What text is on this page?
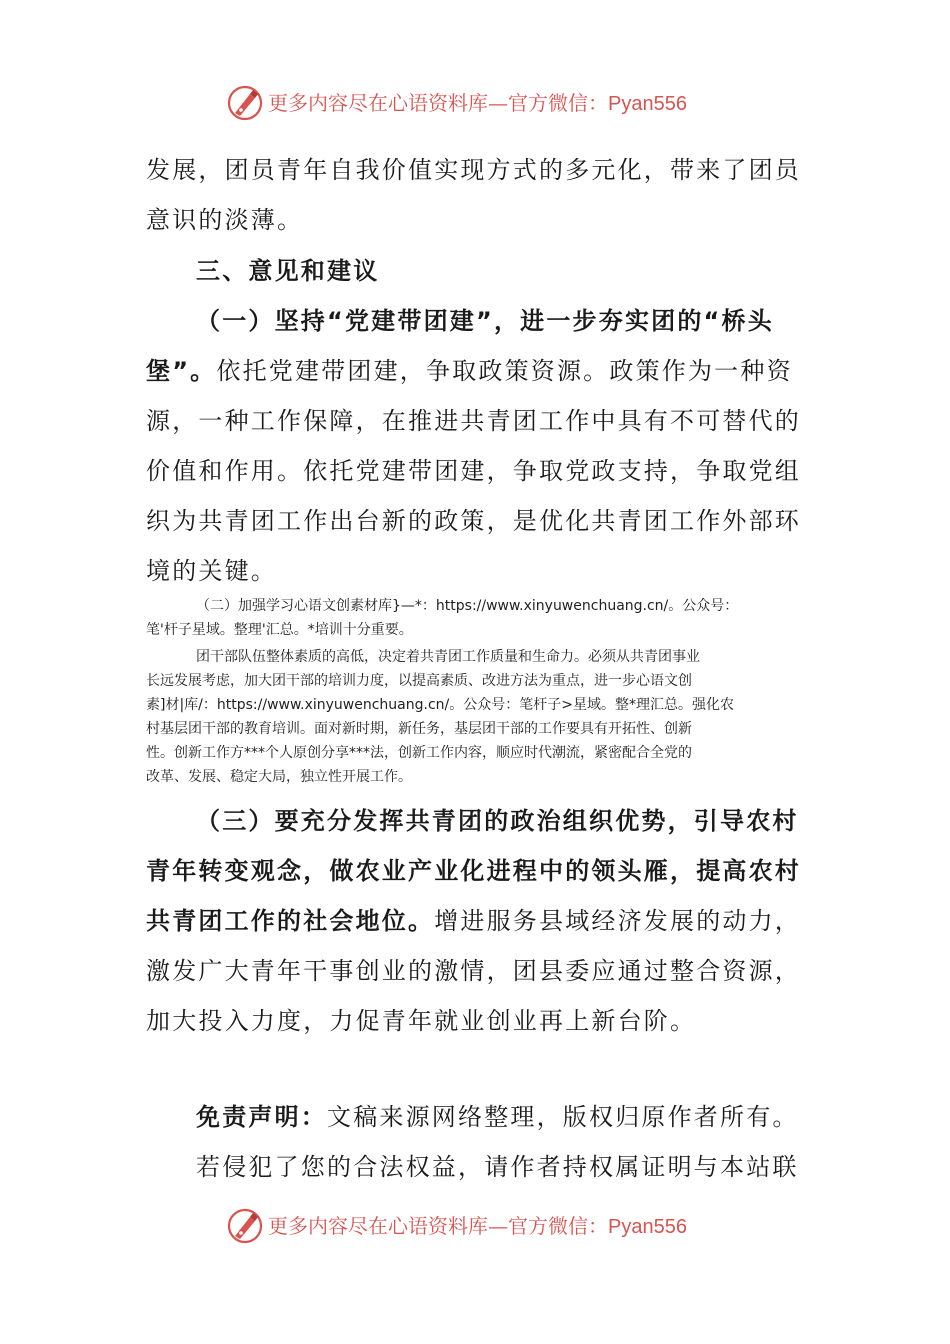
更多内容尽在心语资料库—官方微信：Pyan556
发展，团员青年自我价值实现方式的多元化，带来了团员
意识的淡薄。
三、意见和建议
（一）坚持“党建带团建”，进一步夯实团的“桥头
堡”。依托党建带团建，争取政策资源。政策作为一种资
源，一种工作保障，在推进共青团工作中具有不可替代的
价值和作用。依托党建带团建，争取党政支持，争取党组
织为共青团工作出台新的政策，是优化共青团工作外部环
境的关键。
（二）加强学习心语文创素材库}—*：https://www.xinyuwenchuang.cn/。公众号：
笔'杆子星域。整理'汇总。*培训十分重要。
团干部队伍整体素质的高低，决定着共青团工作质量和生命力。必须从共青团事业
长远发展考虑，加大团干部的培训力度，以提高素质、改进方法为重点，进一步心语文创
素]材|库/：https://www.xinyuwenchuang.cn/。公众号：笔杆子>星域。整*理汇总。强化农
村基层团干部的教育培训。面对新时期，新任务，基层团干部的工作要具有开拓性、创新
性。创新工作方***个人原创分享***法，创新工作内容，顺应时代潮流，紧密配合全党的
改革、发展、稳定大局，独立性开展工作。
（三）要充分发挥共青团的政治组织优势，引导农村
青年转变观念，做农业产业化进程中的领头雁，提高农村
共青团工作的社会地位。增进服务县域经济发展的动力，
激发广大青年干事创业的激情，团县委应通过整合资源，
加大投入力度，力促青年就业创业再上新台阶。
免责声明：文稿来源网络整理，版权归原作者所有。
若侵犯了您的合法权益，请作者持权属证明与本站联
更多内容尽在心语资料库—官方微信：Pyan556
